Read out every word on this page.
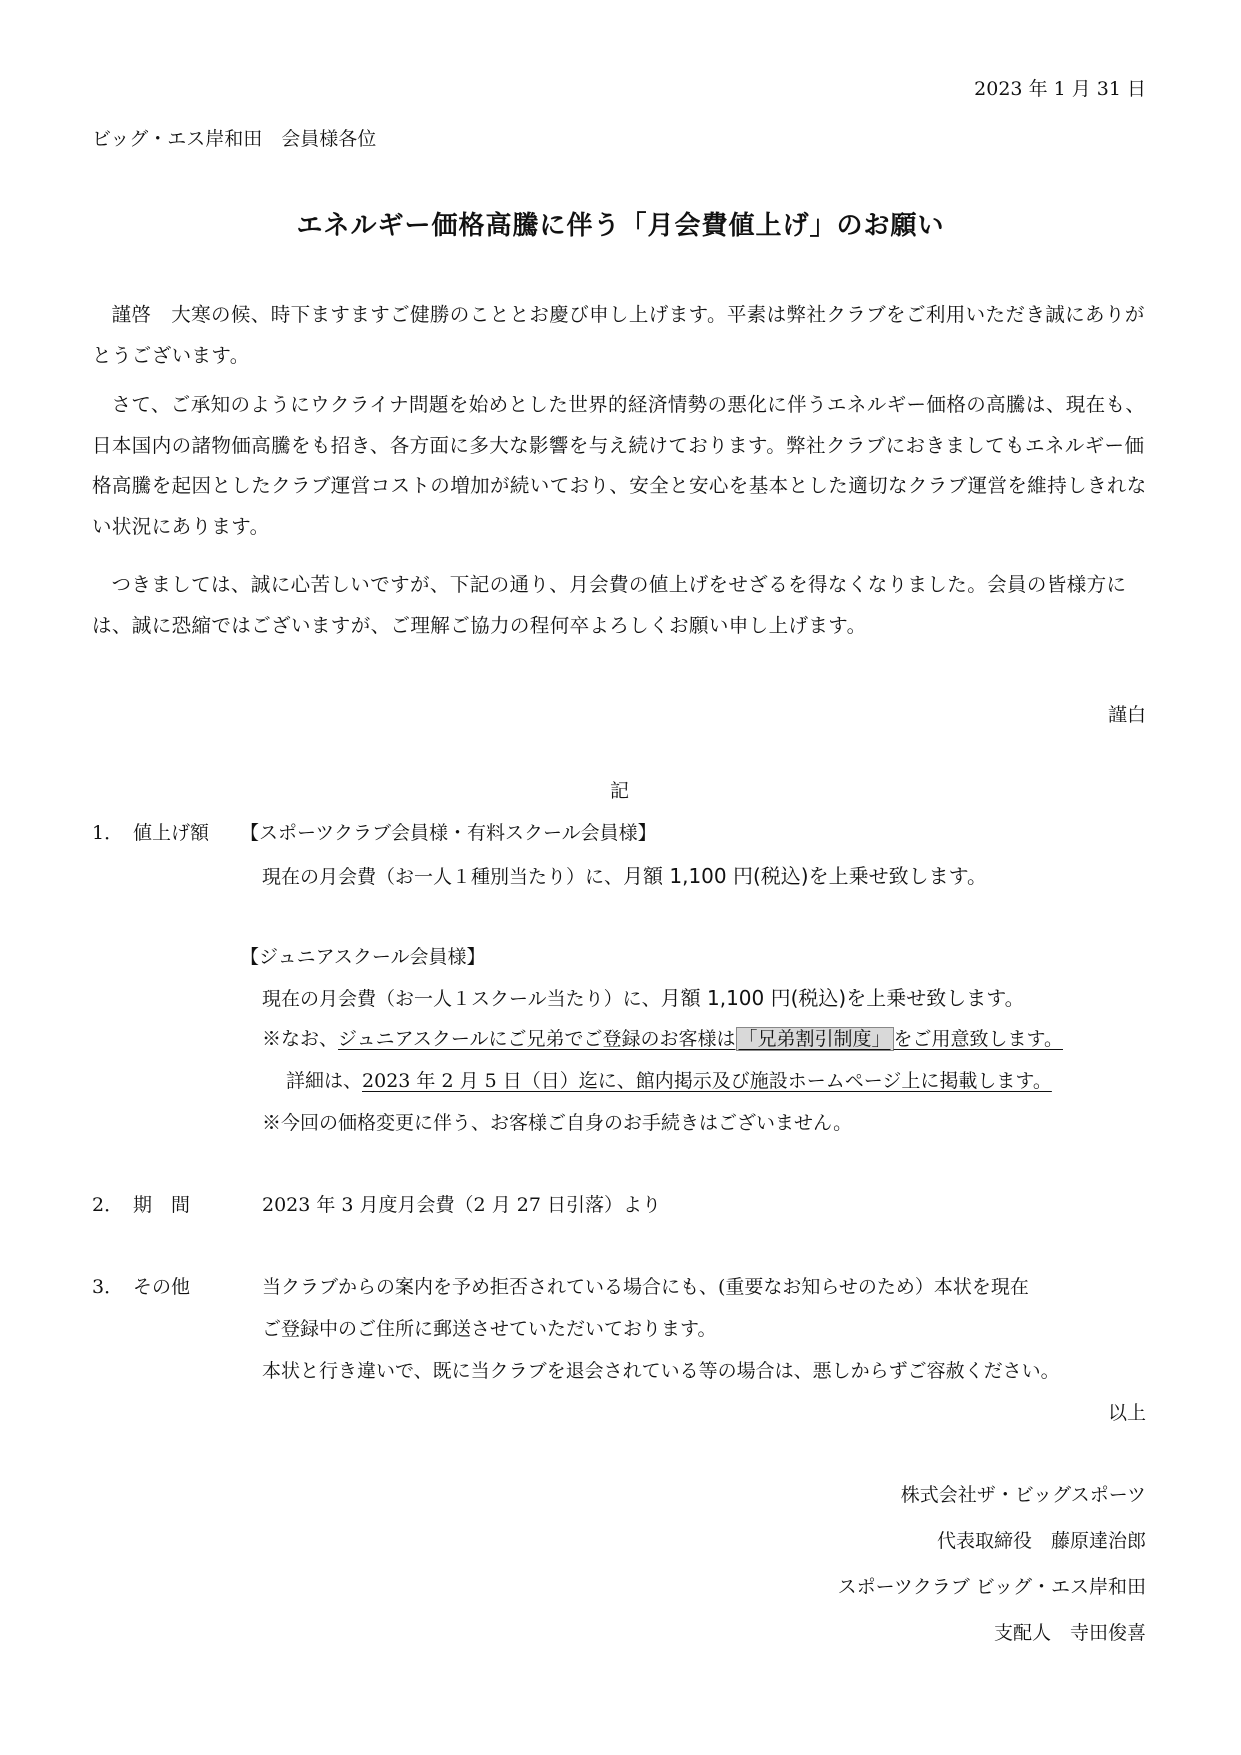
2023 年 1 月 31 日
ビッグ・エス岸和田　会員様各位
エネルギー価格高騰に伴う「月会費値上げ」のお願い

謹啓　大寒の候、時下ますますご健勝のこととお慶び申し上げます。平素は弊社クラブをご利用いただき誠にありがとうございます。

さて、ご承知のようにウクライナ問題を始めとした世界的経済情勢の悪化に伴うエネルギー価格の高騰は、現在も、日本国内の諸物価高騰をも招き、各方面に多大な影響を与え続けております。弊社クラブにおきましてもエネルギー価格高騰を起因としたクラブ運営コストの増加が続いており、安全と安心を基本とした適切なクラブ運営を維持しきれない状況にあります。

つきましては、誠に心苦しいですが、下記の通り、月会費の値上げをせざるを得なくなりました。会員の皆様方には、誠に恐縮ではございますが、ご理解ご協力の程何卒よろしくお願い申し上げます。

謹白
記
1． 値上げ額 【スポーツクラブ会員様・有料スクール会員様】
現在の月会費（お一人１種別当たり）に、月額 1,100 円(税込)を上乗せ致します。
【ジュニアスクール会員様】
現在の月会費（お一人１スクール当たり）に、月額 1,100 円(税込)を上乗せ致します。
※なお、ジュニアスクールにご兄弟でご登録のお客様は 「兄弟割引制度」 をご用意致します。
詳細は、2023 年 2 月 5 日（日）迄に、館内掲示及び施設ホームページ上に掲載します。
※今回の価格変更に伴う、お客様ご自身のお手続きはございません。
2． 期　間	2023 年 3 月度月会費（2 月 27 日引落）より
3． その他	当クラブからの案内を予め拒否されている場合にも、(重要なお知らせのため）本状を現在
ご登録中のご住所に郵送させていただいております。
本状と行き違いで、既に当クラブを退会されている等の場合は、悪しからずご容赦ください。
以上
株式会社ザ・ビッグスポーツ
代表取締役　藤原達治郎
スポーツクラブ ビッグ・エス岸和田
支配人　寺田俊喜
